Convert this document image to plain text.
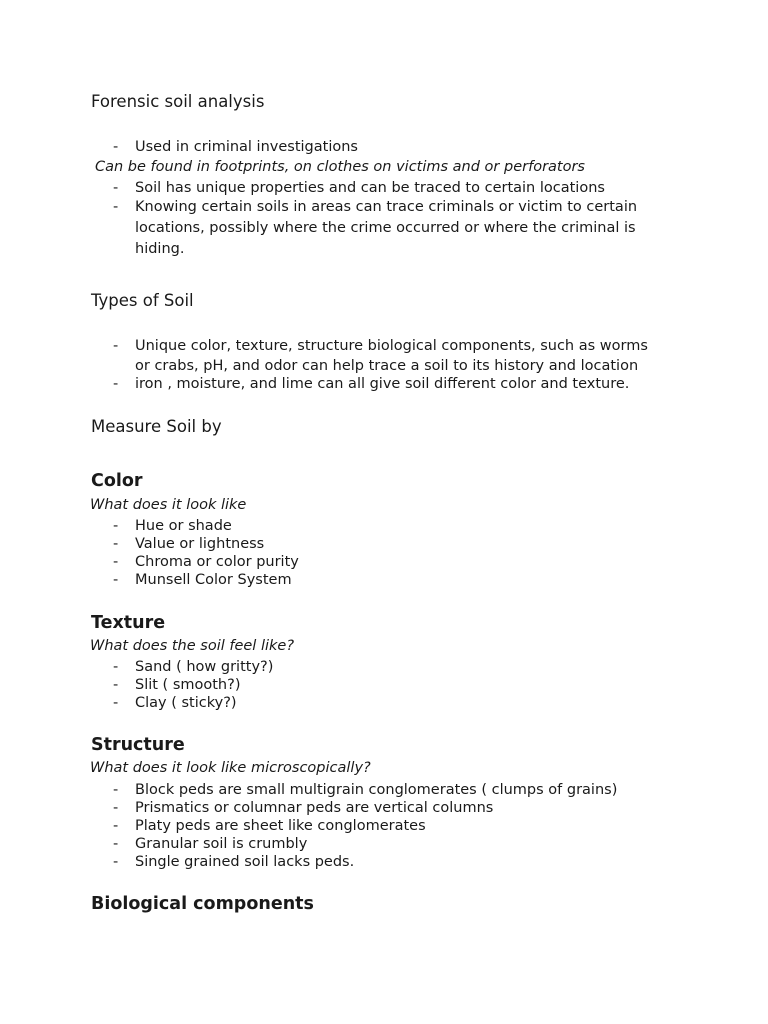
Forensic soil analysis
- Used in criminal investigations
Can be found in footprints, on clothes on victims and or perforators
- Soil has unique properties and can be traced to certain locations
- Knowing certain soils in areas can trace criminals or victim to certain
locations, possibly where the crime occurred or where the criminal is
hiding.
Types of Soil
- Unique color, texture, structure biological components, such as worms
or crabs, pH, and odor can help trace a soil to its history and location
- iron , moisture, and lime can all give soil different color and texture.
Measure Soil by
Color
What does it look like
- Hue or shade
- Value or lightness
- Chroma or color purity
- Munsell Color System
Texture
What does the soil feel like?
- Sand ( how gritty?)
- Slit ( smooth?)
- Clay ( sticky?)
Structure
What does it look like microscopically?
- Block peds are small multigrain conglomerates ( clumps of grains)
- Prismatics or columnar peds are vertical columns
- Platy peds are sheet like conglomerates
- Granular soil is crumbly
- Single grained soil lacks peds.
Biological components
